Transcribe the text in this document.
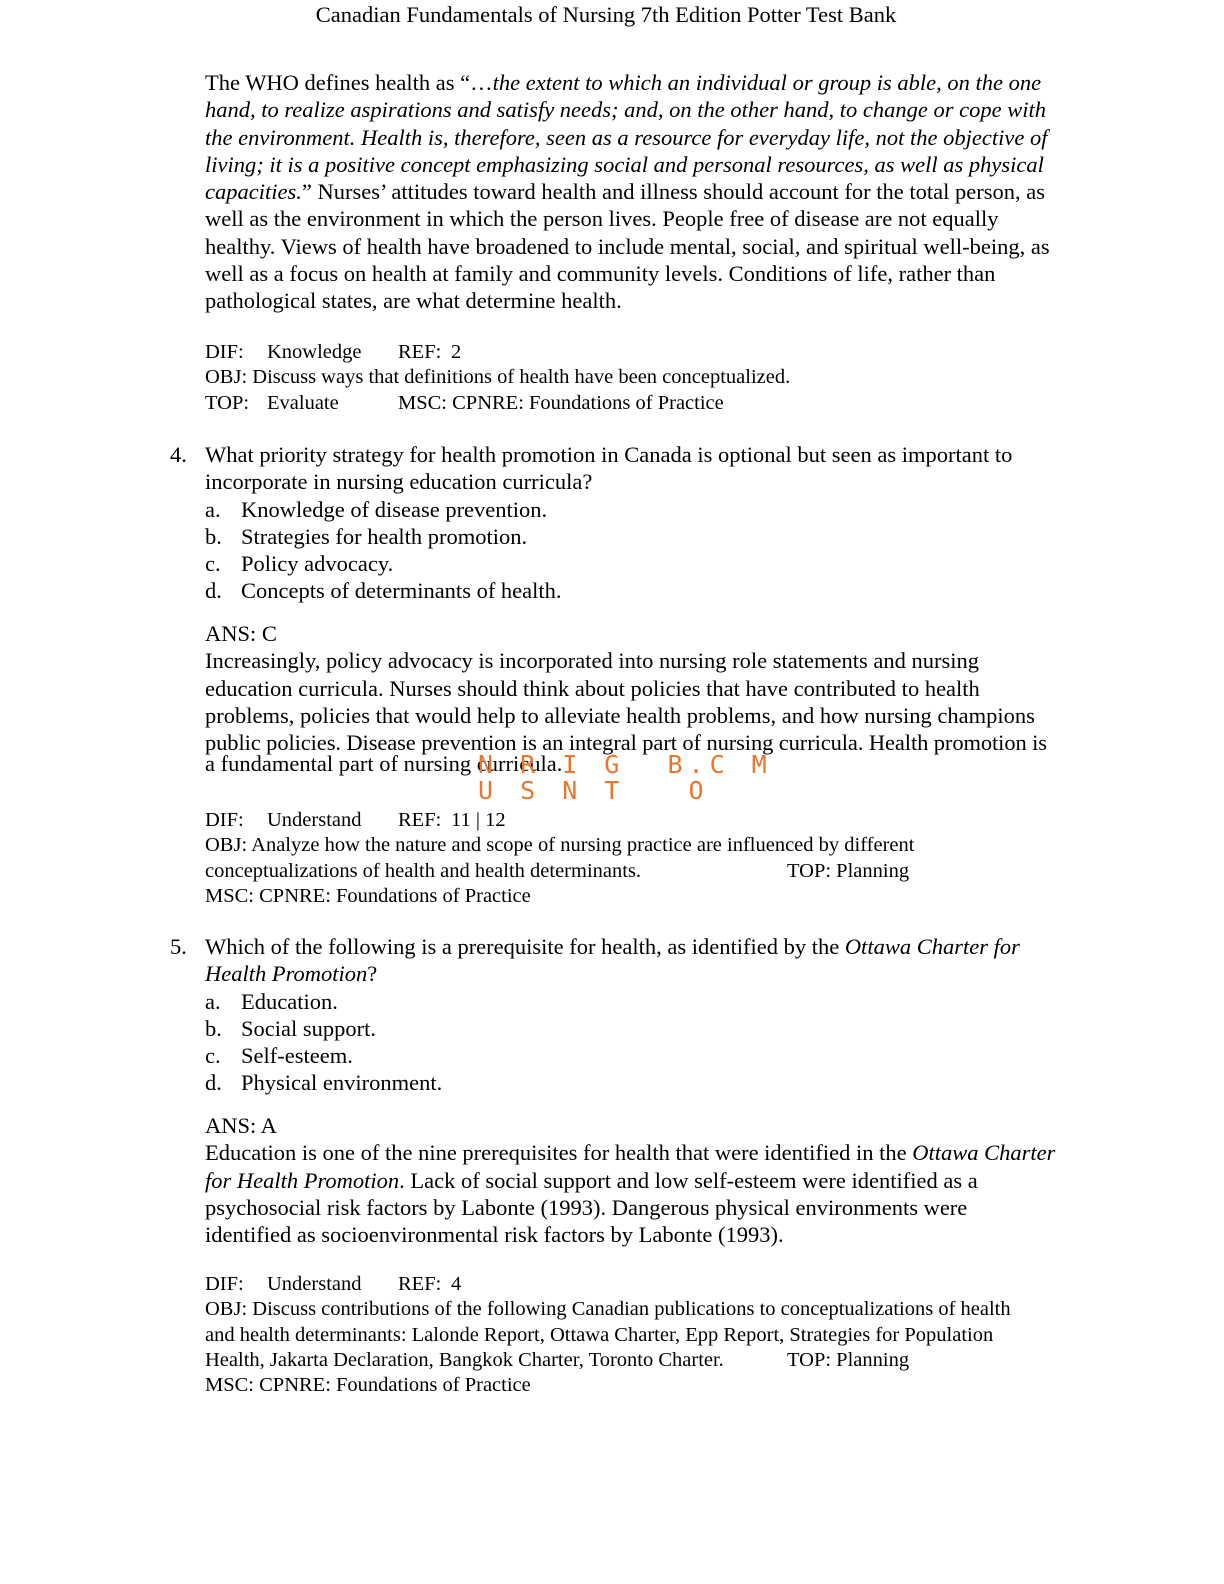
Canadian Fundamentals of Nursing 7th Edition Potter Test Bank

The WHO defines health as “…the extent to which an individual or group is able, on the one

hand, to realize aspirations and satisfy needs; and, on the other hand, to change or cope with

the environment. Health is, therefore, seen as a resource for everyday life, not the objective of

living; it is a positive concept emphasizing social and personal resources, as well as physical

capacities.” Nurses’ attitudes toward health and illness should account for the total person, as

well as the environment in which the person lives. People free of disease are not equally

healthy. Views of health have broadened to include mental, social, and spiritual well-being, as

well as a focus on health at family and community levels. Conditions of life, rather than

pathological states, are what determine health.

DIF: Knowledge REF: 2
OBJ: Discuss ways that definitions of health have been conceptualized.
TOP: Evaluate	MSC: CPNRE: Foundations of Practice
4. What priority strategy for health promotion in Canada is optional but seen as important to

incorporate in nursing education curricula?

a. Knowledge of disease prevention.
b. Strategies for health promotion.
c. Policy advocacy.
d. Concepts of determinants of health.

ANS: C

Increasingly, policy advocacy is incorporated into nursing role statements and nursing

education curricula. Nurses should think about policies that have contributed to health

problems, policies that would help to alleviate health problems, and how nursing champions

public policies. Disease prevention is an integral part of nursing curricula. Health promotion is

a fundamental part of nursing curricula.

N R I G  B.C M
U S N T   O
DIF: Understand REF: 11 | 12
OBJ: Analyze how the nature and scope of nursing practice are influenced by different
conceptualizations of health and health determinants.	TOP: Planning
MSC: CPNRE: Foundations of Practice
5. Which of the following is a prerequisite for health, as identified by the Ottawa Charter for

Health Promotion?

a. Education.
b. Social support.
c. Self-esteem.
d. Physical environment.

ANS: A

Education is one of the nine prerequisites for health that were identified in the Ottawa Charter

for Health Promotion. Lack of social support and low self-esteem were identified as a

psychosocial risk factors by Labonte (1993). Dangerous physical environments were

identified as socioenvironmental risk factors by Labonte (1993).

DIF: Understand REF: 4
OBJ: Discuss contributions of the following Canadian publications to conceptualizations of health
and health determinants: Lalonde Report, Ottawa Charter, Epp Report, Strategies for Population
Health, Jakarta Declaration, Bangkok Charter, Toronto Charter.	TOP: Planning
MSC: CPNRE: Foundations of Practice
